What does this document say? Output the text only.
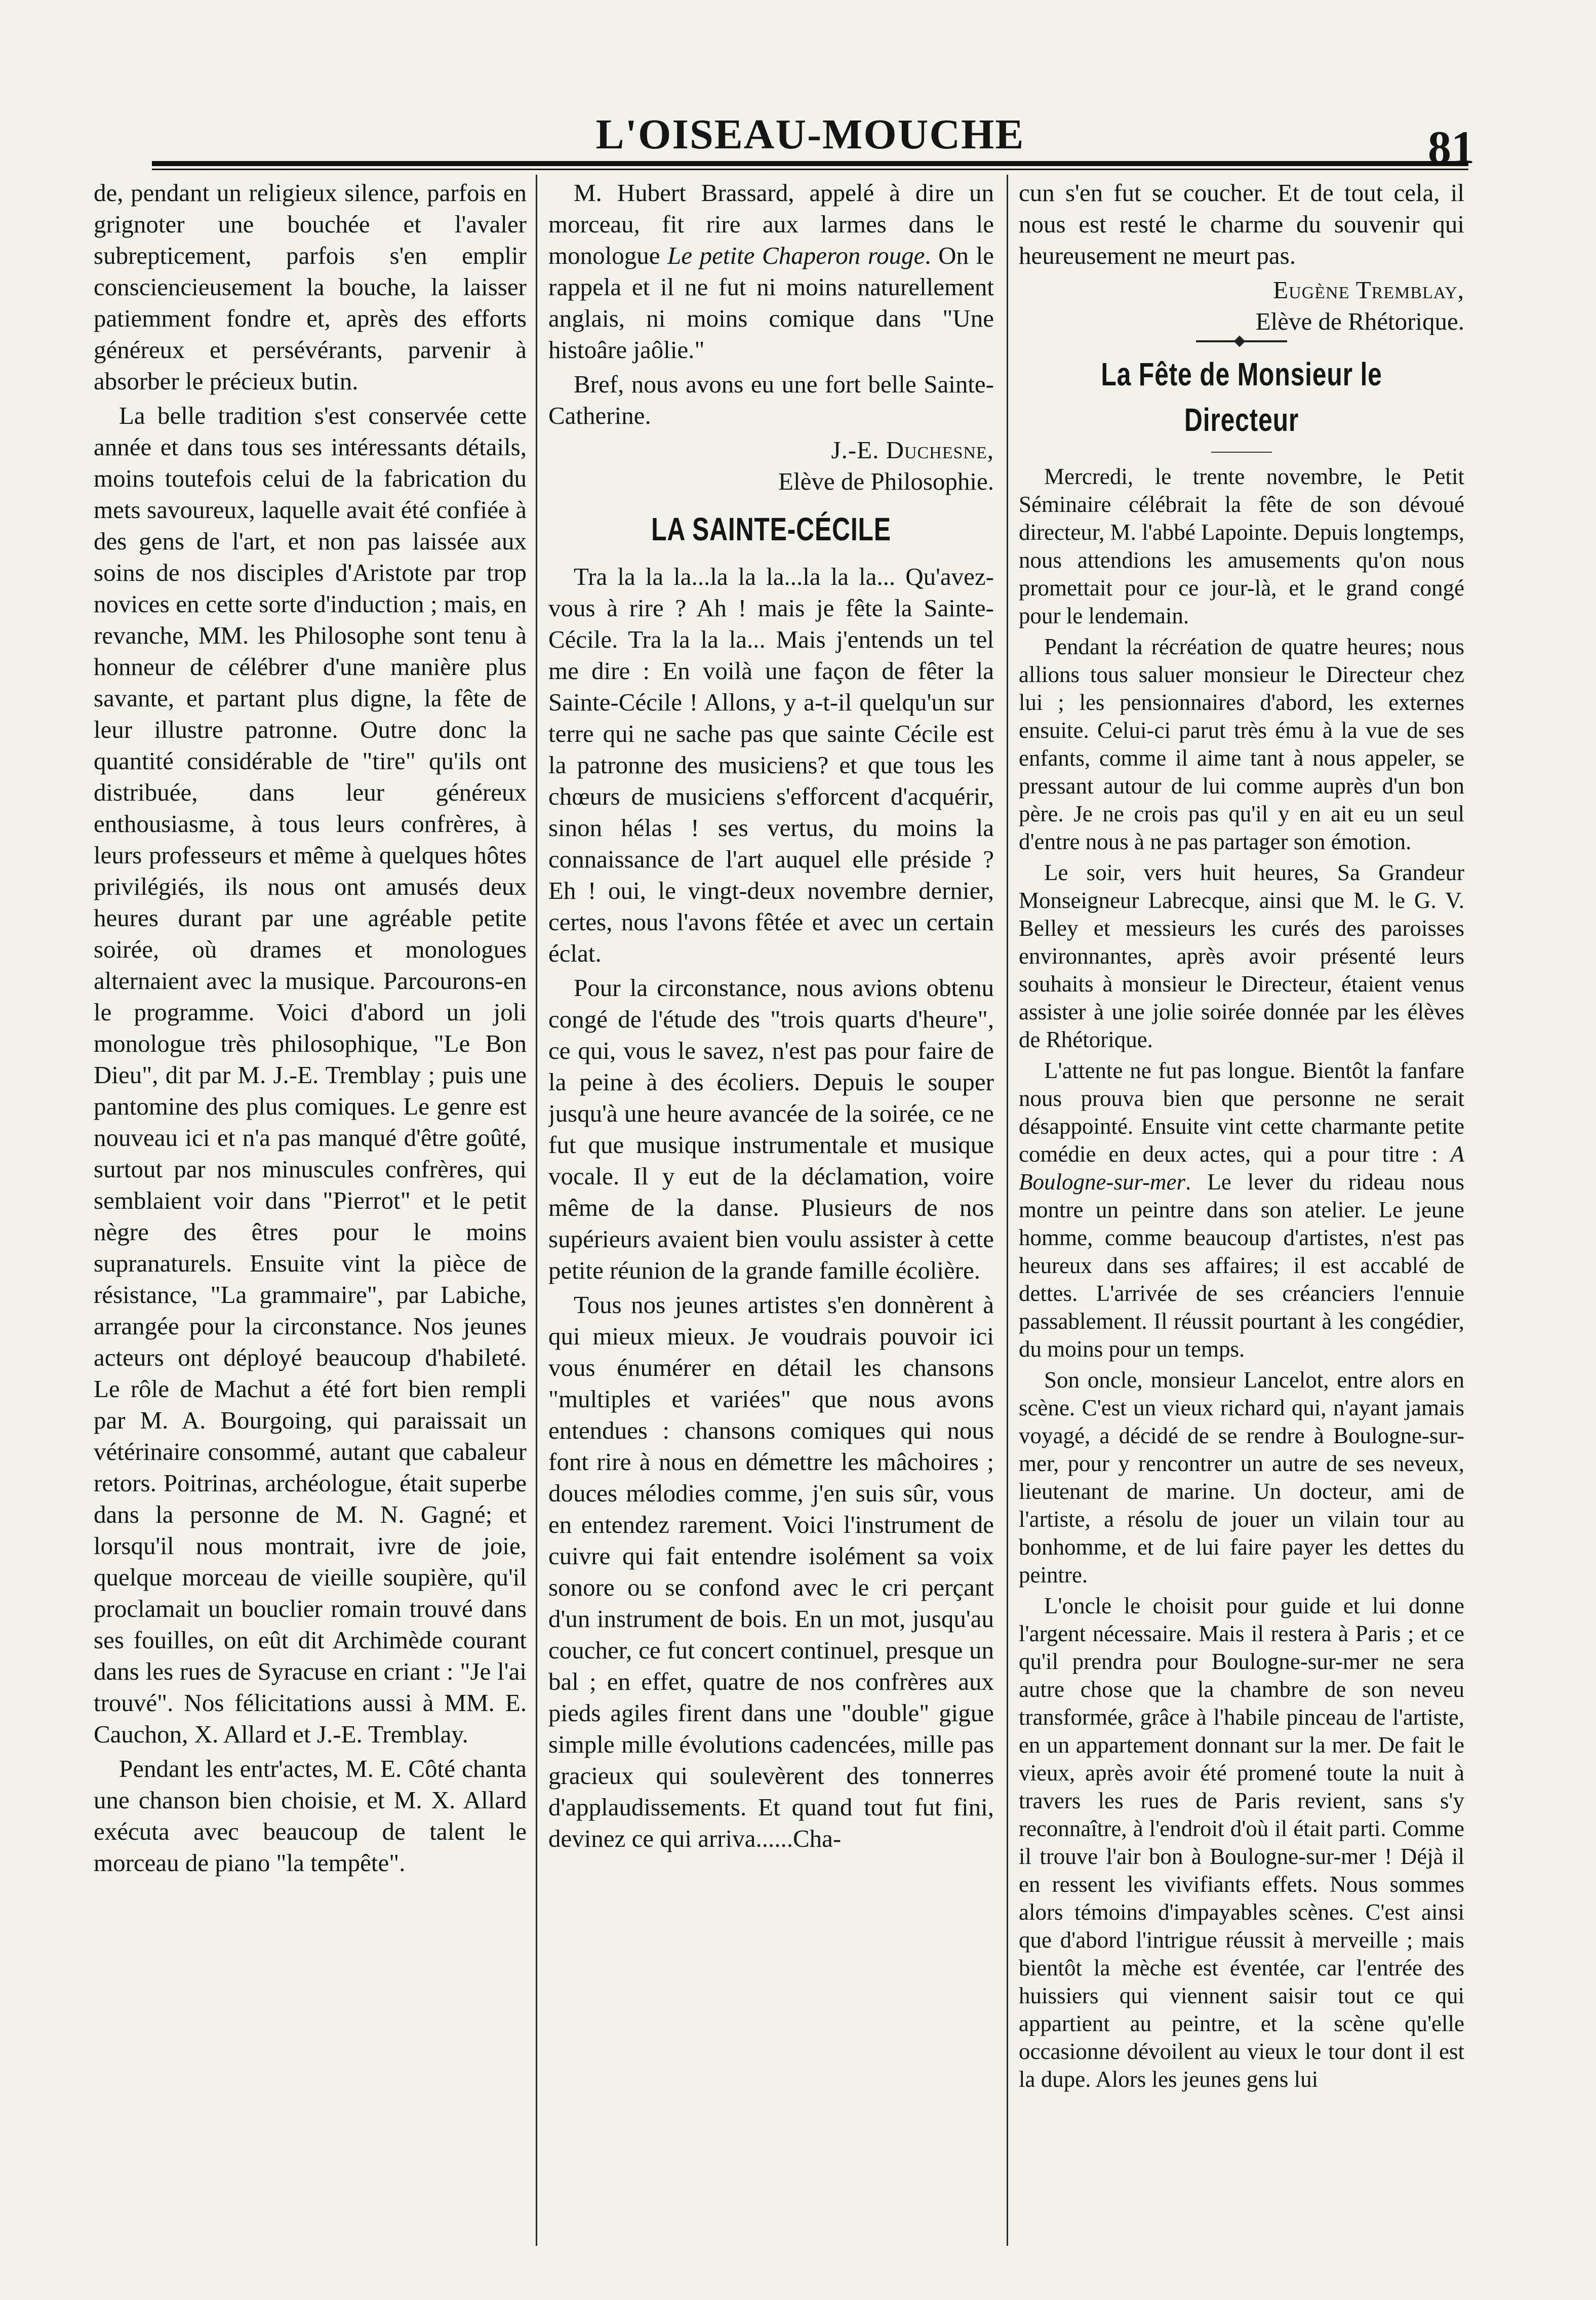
L'OISEAU-MOUCHE	81

de, pendant un religieux silence, parfois en grignoter une bouchée et l'avaler subrepticement, parfois s'en emplir consciencieusement la bouche, la laisser patiemment fondre et, après des efforts généreux et persévérants, parvenir à absorber le précieux butin.

La belle tradition s'est conservée cette année et dans tous ses intéressants détails, moins toutefois celui de la fabrication du mets savoureux, laquelle avait été confiée à des gens de l'art, et non pas laissée aux soins de nos disciples d'Aristote par trop novices en cette sorte d'induction ; mais, en revanche, MM. les Philosophe sont tenu à honneur de célébrer d'une manière plus savante, et partant plus digne, la fête de leur illustre patronne. Outre donc la quantité considérable de "tire" qu'ils ont distribuée, dans leur généreux enthousiasme, à tous leurs confrères, à leurs professeurs et même à quelques hôtes privilégiés, ils nous ont amusés deux heures durant par une agréable petite soirée, où drames et monologues alternaient avec la musique. Parcourons-en le programme. Voici d'abord un joli monologue très philosophique, "Le Bon Dieu", dit par M. J.-E. Tremblay ; puis une pantomine des plus comiques. Le genre est nouveau ici et n'a pas manqué d'être goûté, surtout par nos minuscules confrères, qui semblaient voir dans "Pierrot" et le petit nègre des êtres pour le moins supranaturels. Ensuite vint la pièce de résistance, "La grammaire", par Labiche, arrangée pour la circonstance. Nos jeunes acteurs ont déployé beaucoup d'habileté. Le rôle de Machut a été fort bien rempli par M. A. Bourgoing, qui paraissait un vétérinaire consommé, autant que cabaleur retors. Poitrinas, archéologue, était superbe dans la personne de M. N. Gagné; et lorsqu'il nous montrait, ivre de joie, quelque morceau de vieille soupière, qu'il proclamait un bouclier romain trouvé dans ses fouilles, on eût dit Archimède courant dans les rues de Syracuse en criant : "Je l'ai trouvé". Nos félicitations aussi à MM. E. Cauchon, X. Allard et J.-E. Tremblay.

Pendant les entr'actes, M. E. Côté chanta une chanson bien choisie, et M. X. Allard exécuta avec beaucoup de talent le morceau de piano "la tempête".

M. Hubert Brassard, appelé à dire un morceau, fit rire aux larmes dans le monologue Le petite Chaperon rouge. On le rappela et il ne fut ni moins naturellement anglais, ni moins comique dans "Une histoâre jaôlie."

Bref, nous avons eu une fort belle Sainte-Catherine.

J.-E. Duchesne,

Elève de Philosophie.

LA SAINTE-CÉCILE

Tra la la la...la la la...la la la... Qu'avez-vous à rire ? Ah ! mais je fête la Sainte-Cécile. Tra la la la... Mais j'entends un tel me dire : En voilà une façon de fêter la Sainte-Cécile ! Allons, y a-t-il quelqu'un sur terre qui ne sache pas que sainte Cécile est la patronne des musiciens? et que tous les chœurs de musiciens s'efforcent d'acquérir, sinon hélas ! ses vertus, du moins la connaissance de l'art auquel elle préside ? Eh ! oui, le vingt-deux novembre dernier, certes, nous l'avons fêtée et avec un certain éclat.

Pour la circonstance, nous avions obtenu congé de l'étude des "trois quarts d'heure", ce qui, vous le savez, n'est pas pour faire de la peine à des écoliers. Depuis le souper jusqu'à une heure avancée de la soirée, ce ne fut que musique instrumentale et musique vocale. Il y eut de la déclamation, voire même de la danse. Plusieurs de nos supérieurs avaient bien voulu assister à cette petite réunion de la grande famille écolière.

Tous nos jeunes artistes s'en donnèrent à qui mieux mieux. Je voudrais pouvoir ici vous énumérer en détail les chansons "multiples et variées" que nous avons entendues : chansons comiques qui nous font rire à nous en démettre les mâchoires ; douces mélodies comme, j'en suis sûr, vous en entendez rarement. Voici l'instrument de cuivre qui fait entendre isolément sa voix sonore ou se confond avec le cri perçant d'un instrument de bois. En un mot, jusqu'au coucher, ce fut concert continuel, presque un bal ; en effet, quatre de nos confrères aux pieds agiles firent dans une "double" gigue simple mille évolutions cadencées, mille pas gracieux qui soulevèrent des tonnerres d'applaudissements. Et quand tout fut fini, devinez ce qui arriva......Cha-

cun s'en fut se coucher. Et de tout cela, il nous est resté le charme du souvenir qui heureusement ne meurt pas.

Eugène Tremblay,

Elève de Rhétorique.

La Fête de Monsieur le Directeur

Mercredi, le trente novembre, le Petit Séminaire célébrait la fête de son dévoué directeur, M. l'abbé Lapointe. Depuis longtemps, nous attendions les amusements qu'on nous promettait pour ce jour-là, et le grand congé pour le lendemain.

Pendant la récréation de quatre heures; nous allions tous saluer monsieur le Directeur chez lui ; les pensionnaires d'abord, les externes ensuite. Celui-ci parut très ému à la vue de ses enfants, comme il aime tant à nous appeler, se pressant autour de lui comme auprès d'un bon père. Je ne crois pas qu'il y en ait eu un seul d'entre nous à ne pas partager son émotion.

Le soir, vers huit heures, Sa Grandeur Monseigneur Labrecque, ainsi que M. le G. V. Belley et messieurs les curés des paroisses environnantes, après avoir présenté leurs souhaits à monsieur le Directeur, étaient venus assister à une jolie soirée donnée par les élèves de Rhétorique.

L'attente ne fut pas longue. Bientôt la fanfare nous prouva bien que personne ne serait désappointé. Ensuite vint cette charmante petite comédie en deux actes, qui a pour titre : A Boulogne-sur-mer. Le lever du rideau nous montre un peintre dans son atelier. Le jeune homme, comme beaucoup d'artistes, n'est pas heureux dans ses affaires; il est accablé de dettes. L'arrivée de ses créanciers l'ennuie passablement. Il réussit pourtant à les congédier, du moins pour un temps.

Son oncle, monsieur Lancelot, entre alors en scène. C'est un vieux richard qui, n'ayant jamais voyagé, a décidé de se rendre à Boulogne-sur-mer, pour y rencontrer un autre de ses neveux, lieutenant de marine. Un docteur, ami de l'artiste, a résolu de jouer un vilain tour au bonhomme, et de lui faire payer les dettes du peintre.

L'oncle le choisit pour guide et lui donne l'argent nécessaire. Mais il restera à Paris ; et ce qu'il prendra pour Boulogne-sur-mer ne sera autre chose que la chambre de son neveu transformée, grâce à l'habile pinceau de l'artiste, en un appartement donnant sur la mer. De fait le vieux, après avoir été promené toute la nuit à travers les rues de Paris revient, sans s'y reconnaître, à l'endroit d'où il était parti. Comme il trouve l'air bon à Boulogne-sur-mer ! Déjà il en ressent les vivifiants effets. Nous sommes alors témoins d'impayables scènes. C'est ainsi que d'abord l'intrigue réussit à merveille ; mais bientôt la mèche est éventée, car l'entrée des huissiers qui viennent saisir tout ce qui appartient au peintre, et la scène qu'elle occasionne dévoilent au vieux le tour dont il est la dupe. Alors les jeunes gens lui
